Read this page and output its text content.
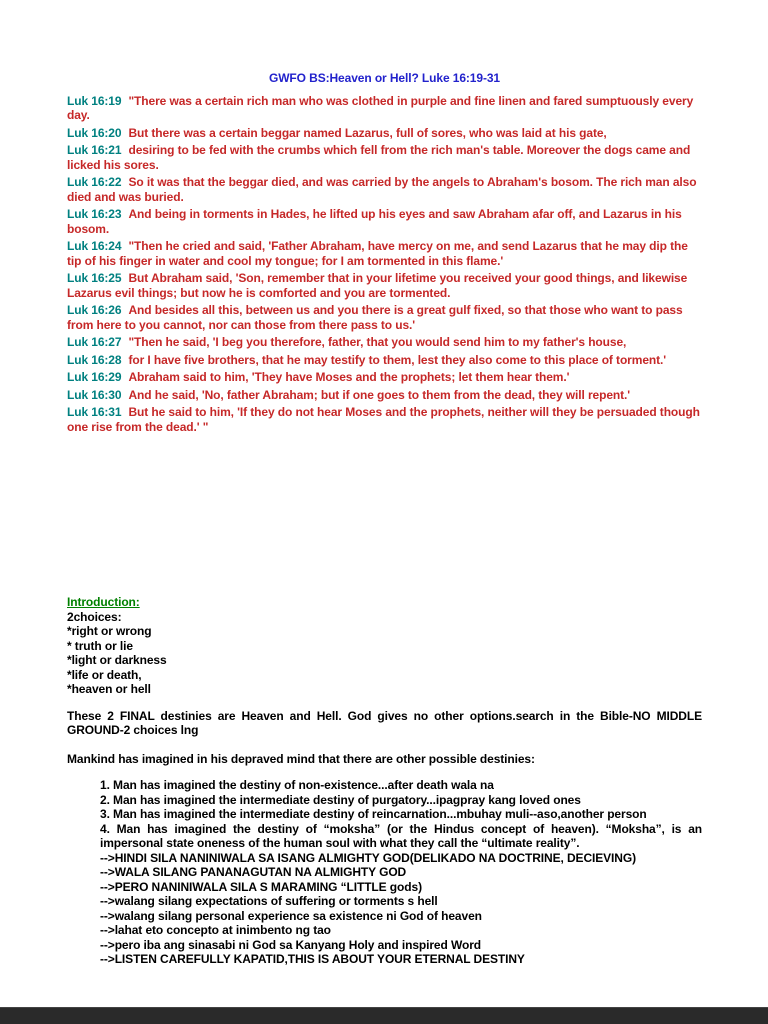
GWFO BS:Heaven or Hell? Luke 16:19-31

Luk 16:19 "There was a certain rich man who was clothed in purple and fine linen and fared sumptuously every day.

Luk 16:20 But there was a certain beggar named Lazarus, full of sores, who was laid at his gate,

Luk 16:21 desiring to be fed with the crumbs which fell from the rich man's table. Moreover the dogs came and licked his sores.

Luk 16:22 So it was that the beggar died, and was carried by the angels to Abraham's bosom. The rich man also died and was buried.

Luk 16:23 And being in torments in Hades, he lifted up his eyes and saw Abraham afar off, and Lazarus in his bosom.

Luk 16:24 "Then he cried and said, 'Father Abraham, have mercy on me, and send Lazarus that he may dip the tip of his finger in water and cool my tongue; for I am tormented in this flame.'

Luk 16:25 But Abraham said, 'Son, remember that in your lifetime you received your good things, and likewise Lazarus evil things; but now he is comforted and you are tormented.

Luk 16:26 And besides all this, between us and you there is a great gulf fixed, so that those who want to pass from here to you cannot, nor can those from there pass to us.'

Luk 16:27 "Then he said, 'I beg you therefore, father, that you would send him to my father's house,

Luk 16:28 for I have five brothers, that he may testify to them, lest they also come to this place of torment.'

Luk 16:29 Abraham said to him, 'They have Moses and the prophets; let them hear them.'

Luk 16:30 And he said, 'No, father Abraham; but if one goes to them from the dead, they will repent.'

Luk 16:31 But he said to him, 'If they do not hear Moses and the prophets, neither will they be persuaded though one rise from the dead.' "

Introduction:

2choices:

*right or wrong

* truth or lie

*light or darkness

*life or death,

*heaven or hell

These 2 FINAL destinies are Heaven and Hell. God gives no other options.search in the Bible-NO MIDDLE GROUND-2 choices lng

Mankind has imagined in his depraved mind that there are other possible destinies:

1. Man has imagined the destiny of non-existence...after death wala na

2. Man has imagined the intermediate destiny of purgatory...ipagpray kang loved ones

3. Man has imagined the intermediate destiny of reincarnation...mbuhay muli--aso,another person

4. Man has imagined the destiny of “moksha” (or the Hindus concept of heaven). “Moksha”, is an impersonal state oneness of the human soul with what they call the “ultimate reality”.

-->HINDI SILA NANINIWALA SA ISANG ALMIGHTY GOD(DELIKADO NA DOCTRINE, DECIEVING)

-->WALA SILANG PANANAGUTAN NA ALMIGHTY GOD

-->PERO NANINIWALA SILA S MARAMING “LITTLE gods)

-->walang silang expectations of suffering or torments s hell

-->walang silang personal experience sa existence ni God of heaven

-->lahat eto concepto at inimbento ng tao

-->pero iba ang sinasabi ni God sa Kanyang Holy and inspired Word

-->LISTEN CAREFULLY KAPATID,THIS IS ABOUT YOUR ETERNAL DESTINY
